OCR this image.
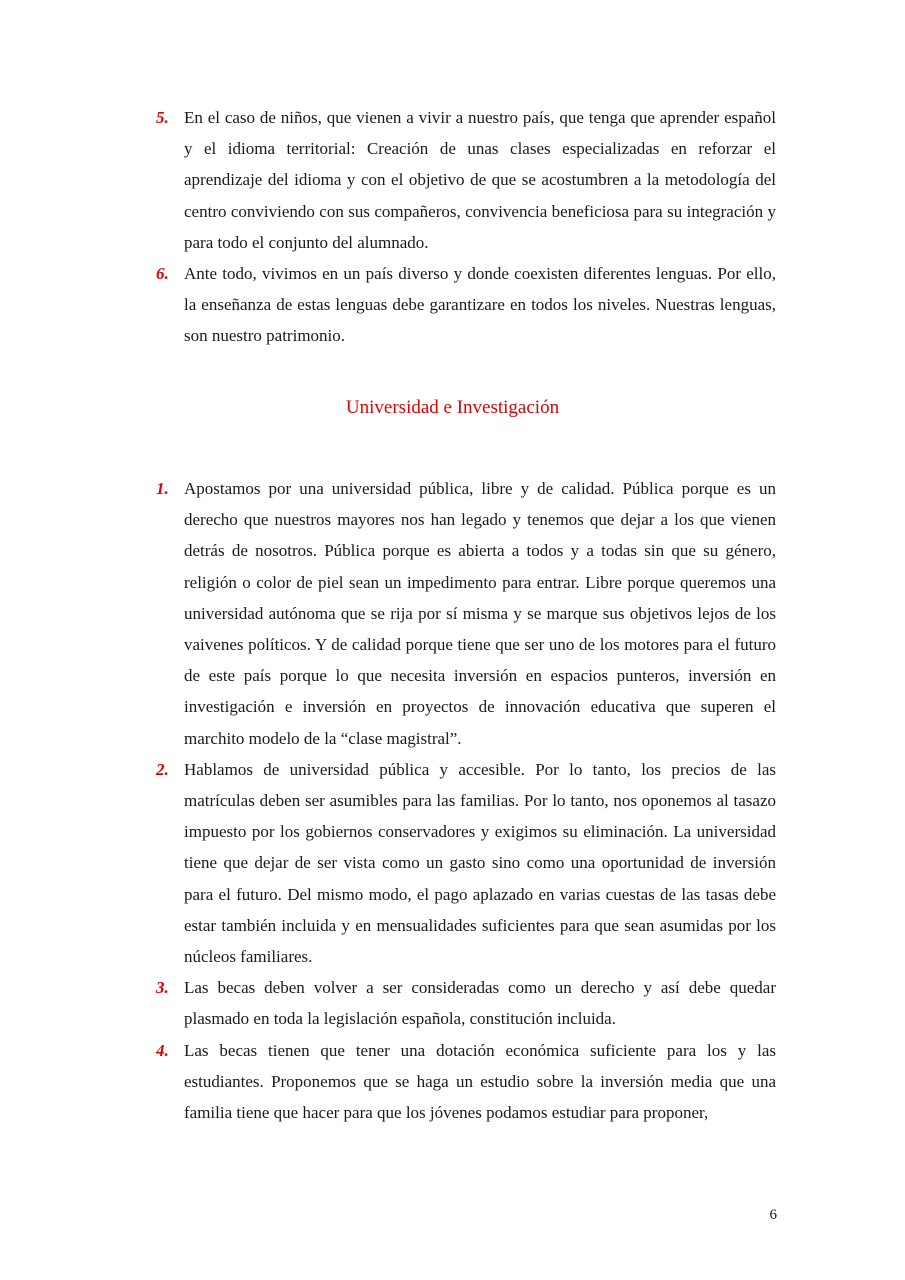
5. En el caso de niños, que vienen a vivir a nuestro país, que tenga que aprender español y el idioma territorial: Creación de unas clases especializadas en reforzar el aprendizaje del idioma y con el objetivo de que se acostumbren a la metodología del centro conviviendo con sus compañeros, convivencia beneficiosa para su integración y para todo el conjunto del alumnado.
6. Ante todo, vivimos en un país diverso y donde coexisten diferentes lenguas. Por ello, la enseñanza de estas lenguas debe garantizare en todos los niveles. Nuestras lenguas, son nuestro patrimonio.
Universidad e Investigación
1. Apostamos por una universidad pública, libre y de calidad. Pública porque es un derecho que nuestros mayores nos han legado y tenemos que dejar a los que vienen detrás de nosotros. Pública porque es abierta a todos y a todas sin que su género, religión o color de piel sean un impedimento para entrar. Libre porque queremos una universidad autónoma que se rija por sí misma y se marque sus objetivos lejos de los vaivenes políticos. Y de calidad porque tiene que ser uno de los motores para el futuro de este país porque lo que necesita inversión en espacios punteros, inversión en investigación e inversión en proyectos de innovación educativa que superen el marchito modelo de la “clase magistral”.
2. Hablamos de universidad pública y accesible. Por lo tanto, los precios de las matrículas deben ser asumibles para las familias. Por lo tanto, nos oponemos al tasazo impuesto por los gobiernos conservadores y exigimos su eliminación. La universidad tiene que dejar de ser vista como un gasto sino como una oportunidad de inversión para el futuro. Del mismo modo, el pago aplazado en varias cuestas de las tasas debe estar también incluida y en mensualidades suficientes para que sean asumidas por los núcleos familiares.
3. Las becas deben volver a ser consideradas como un derecho y así debe quedar plasmado en toda la legislación española, constitución incluida.
4. Las becas tienen que tener una dotación económica suficiente para los y las estudiantes. Proponemos que se haga un estudio sobre la inversión media que una familia tiene que hacer para que los jóvenes podamos estudiar para proponer,
6
